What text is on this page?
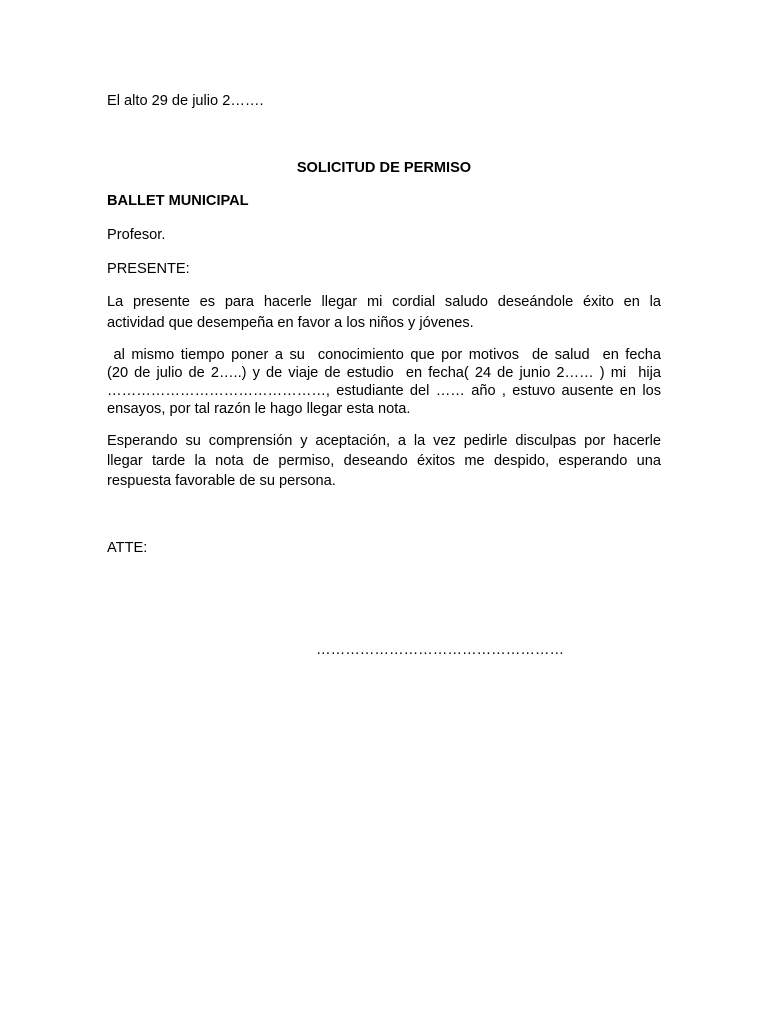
El alto 29 de julio 2…….
SOLICITUD DE PERMISO
BALLET MUNICIPAL
Profesor.
PRESENTE:
La presente es para hacerle llegar mi cordial saludo deseándole éxito en la
actividad que desempeña en favor a los niños y jóvenes.
al mismo tiempo poner a su  conocimiento que por motivos  de salud  en fecha
(20 de julio de 2…..) y de viaje de estudio  en fecha( 24 de junio 2…… ) mi  hija
………………………………………, estudiante del …… año , estuvo ausente en los
ensayos, por tal razón le hago llegar esta nota.
Esperando su comprensión y aceptación, a la vez pedirle disculpas por hacerle
llegar tarde la nota de permiso, deseando éxitos me despido, esperando una
respuesta favorable de su persona.
ATTE:
……………………………………………
